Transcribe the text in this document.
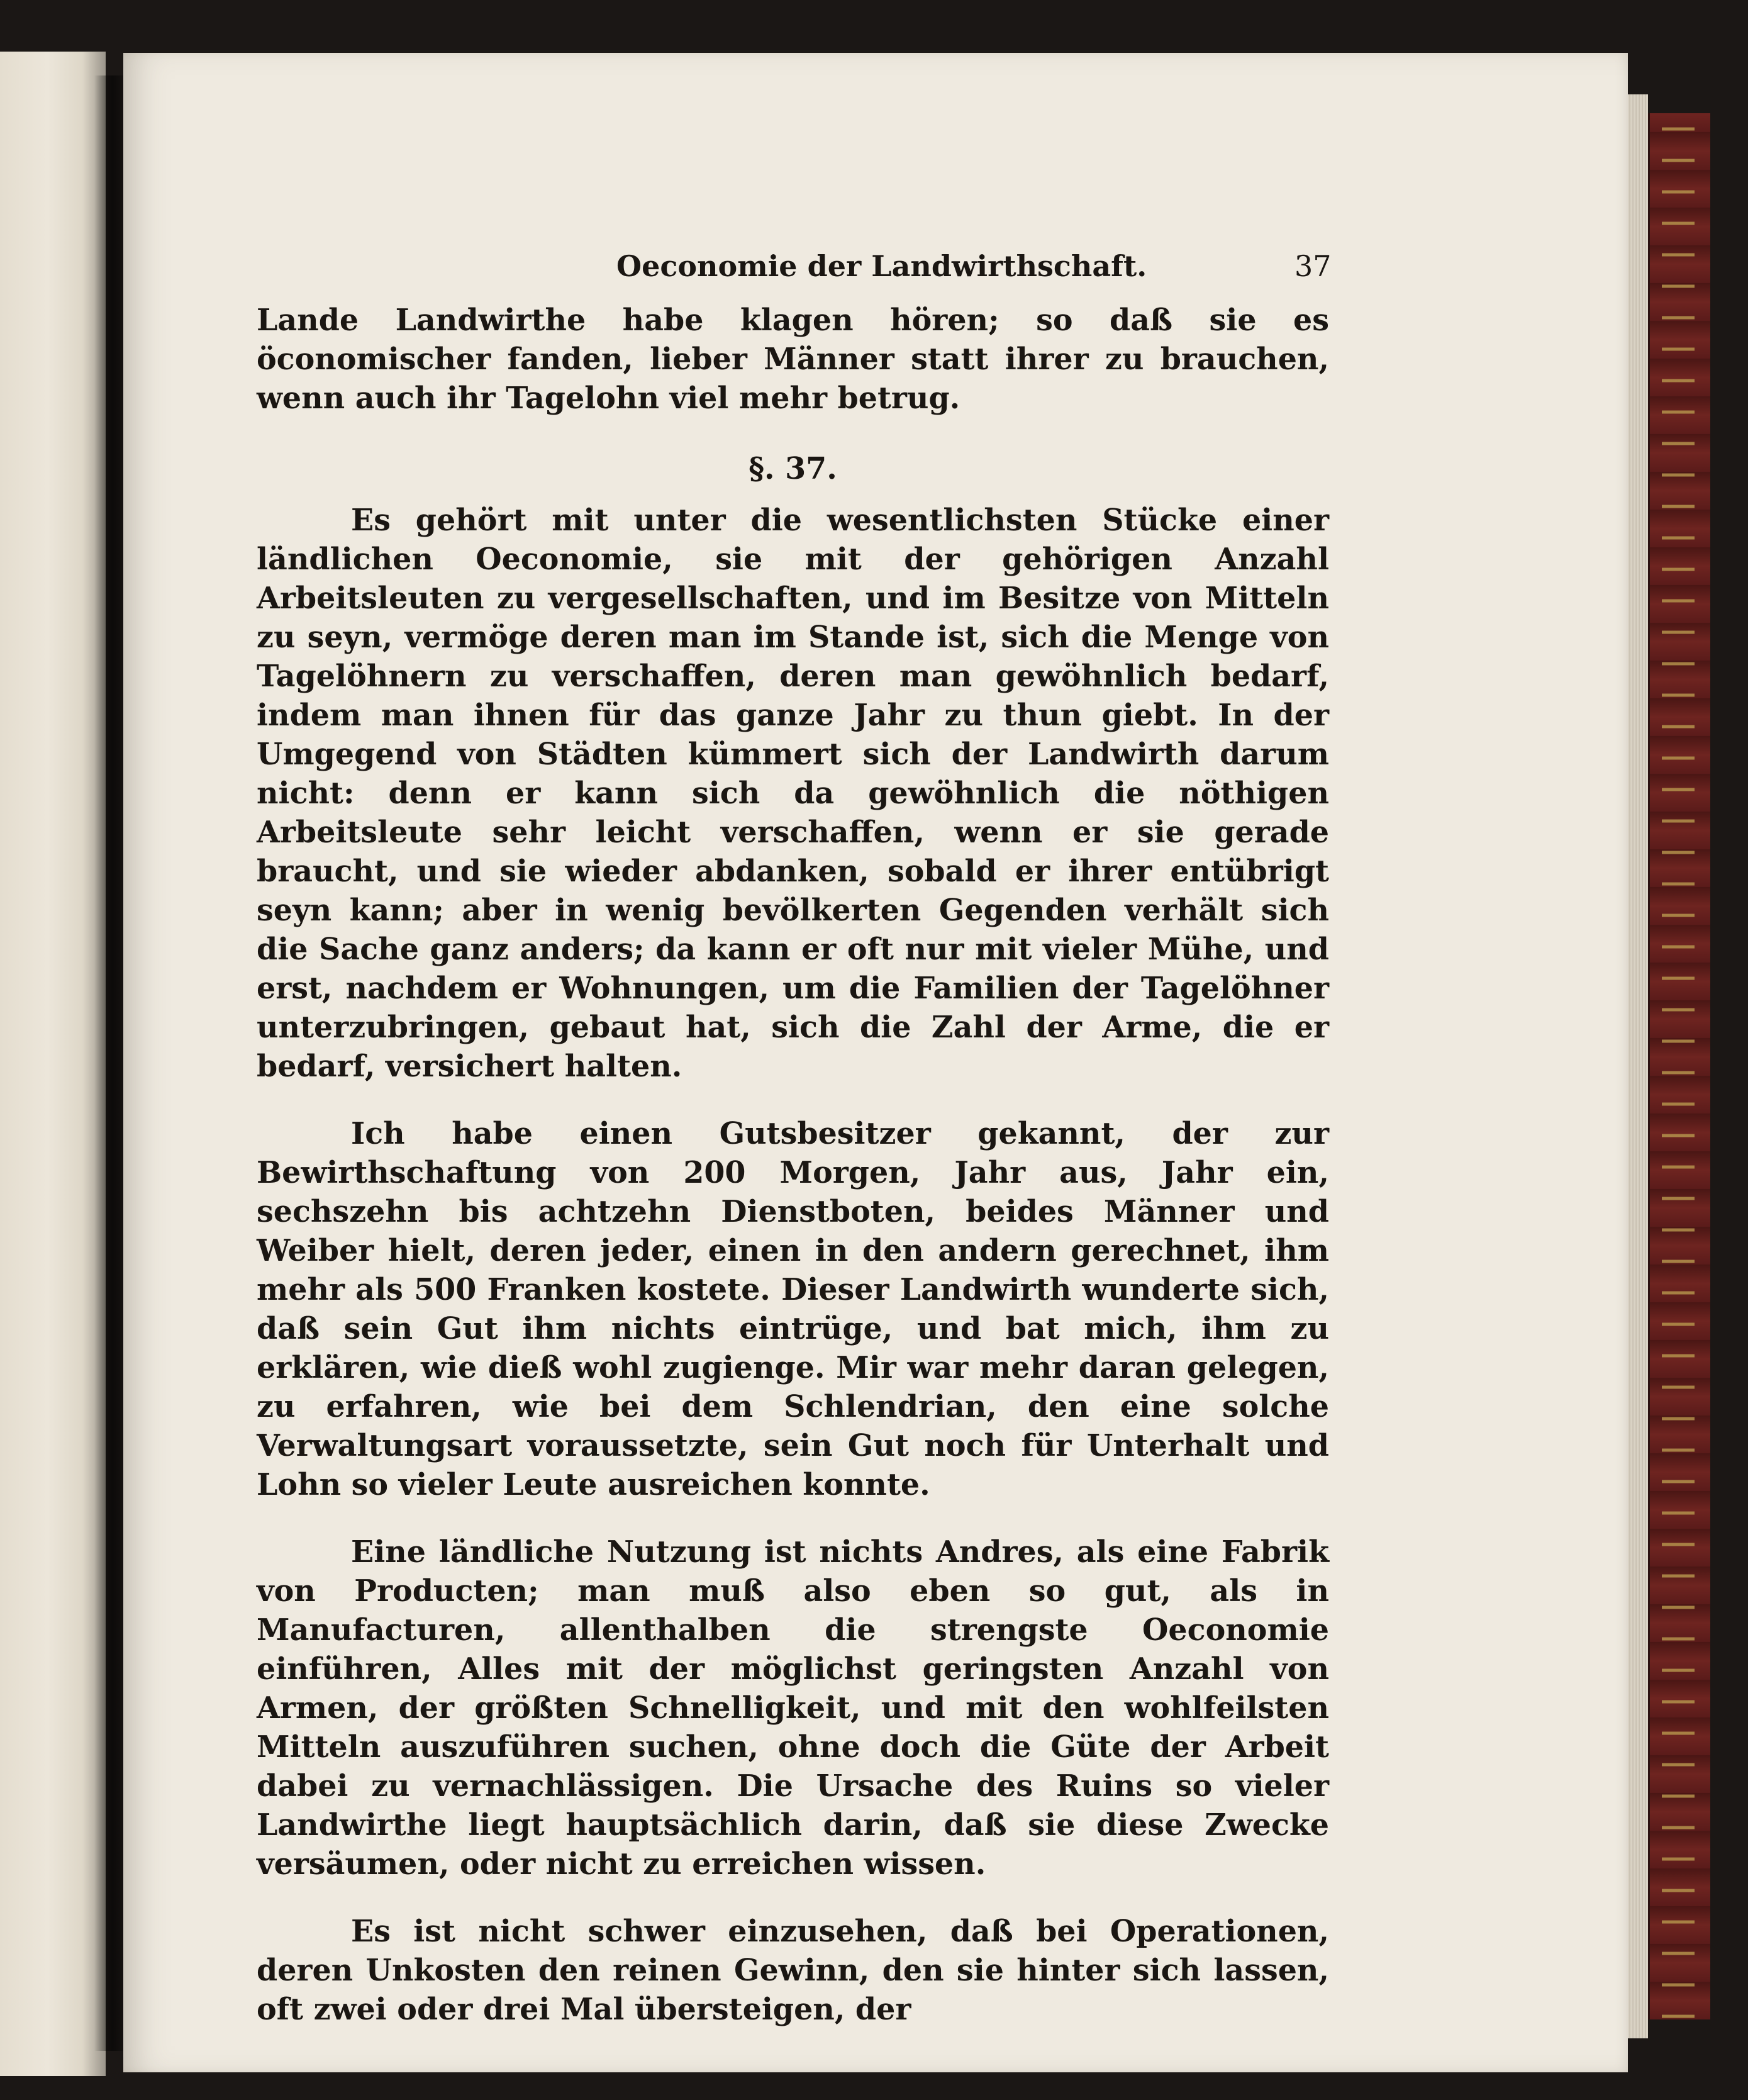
Oeconomie der Landwirthschaft.	37

Lande Landwirthe habe klagen hören; so daß sie es öconomischer fanden, lieber Männer statt ihrer zu brauchen, wenn auch ihr Tagelohn viel mehr betrug.

§. 37.

Es gehört mit unter die wesentlichsten Stücke einer ländlichen Oeconomie, sie mit der gehörigen Anzahl Arbeitsleuten zu vergesellschaften, und im Besitze von Mitteln zu seyn, vermöge deren man im Stande ist, sich die Menge von Tagelöhnern zu verschaffen, deren man gewöhnlich bedarf, indem man ihnen für das ganze Jahr zu thun giebt. In der Umgegend von Städten kümmert sich der Landwirth darum nicht: denn er kann sich da gewöhnlich die nöthigen Arbeitsleute sehr leicht verschaffen, wenn er sie gerade braucht, und sie wieder abdanken, sobald er ihrer entübrigt seyn kann; aber in wenig bevölkerten Gegenden verhält sich die Sache ganz anders; da kann er oft nur mit vieler Mühe, und erst, nachdem er Wohnungen, um die Familien der Tagelöhner unterzubringen, gebaut hat, sich die Zahl der Arme, die er bedarf, versichert halten.

Ich habe einen Gutsbesitzer gekannt, der zur Bewirthschaftung von 200 Morgen, Jahr aus, Jahr ein, sechszehn bis achtzehn Dienstboten, beides Männer und Weiber hielt, deren jeder, einen in den andern gerechnet, ihm mehr als 500 Franken kostete. Dieser Landwirth wunderte sich, daß sein Gut ihm nichts eintrüge, und bat mich, ihm zu erklären, wie dieß wohl zugienge. Mir war mehr daran gelegen, zu erfahren, wie bei dem Schlendrian, den eine solche Verwaltungsart voraussetzte, sein Gut noch für Unterhalt und Lohn so vieler Leute ausreichen konnte.

Eine ländliche Nutzung ist nichts Andres, als eine Fabrik von Producten; man muß also eben so gut, als in Manufacturen, allenthalben die strengste Oeconomie einführen, Alles mit der möglichst geringsten Anzahl von Armen, der größten Schnelligkeit, und mit den wohlfeilsten Mitteln auszuführen suchen, ohne doch die Güte der Arbeit dabei zu vernachlässigen. Die Ursache des Ruins so vieler Landwirthe liegt hauptsächlich darin, daß sie diese Zwecke versäumen, oder nicht zu erreichen wissen.

Es ist nicht schwer einzusehen, daß bei Operationen, deren Unkosten den reinen Gewinn, den sie hinter sich lassen, oft zwei oder drei Mal übersteigen, der
